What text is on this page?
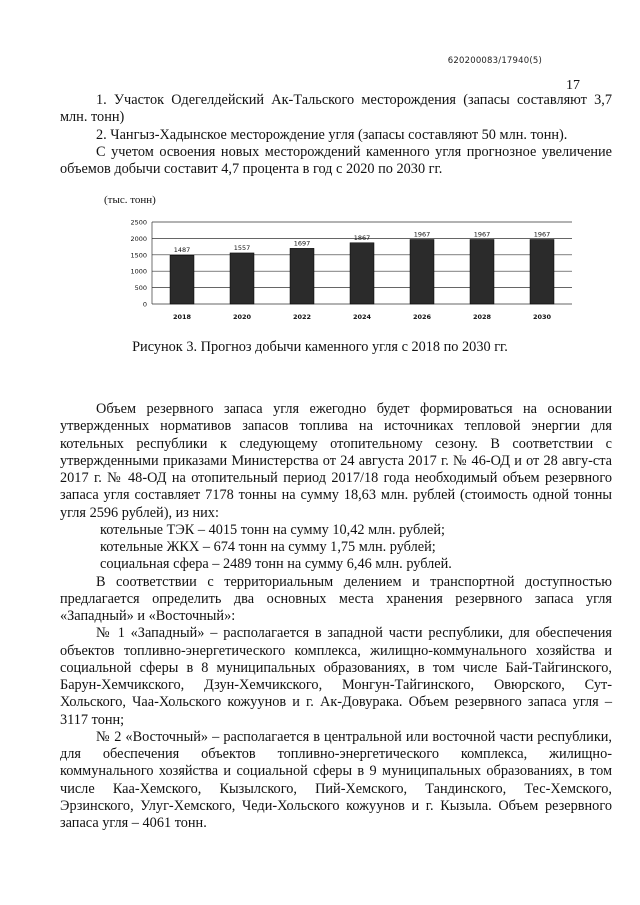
620200083/17940(5)
17

1. Участок Одегелдейский Ак-Тальского месторождения (запасы составляют 3,7 млн. тонн)

2. Чангыз-Хадынское месторождение угля (запасы составляют 50 млн. тонн).

С учетом освоения новых месторождений каменного угля прогнозное увеличение объемов добычи составит 4,7 процента в год с 2020 по 2030 гг.

(тыс. тонн)
1487	1557
1697
1867	1967	1967	1967
0
500
1000
1500
2000
2500
2018	2020	2022	2024	2026	2028	2030
Рисунок 3. Прогноз добычи каменного угля с 2018 по 2030 гг.

Объем резервного запаса угля ежегодно будет формироваться на основании утвержденных нормативов запасов топлива на источниках тепловой энергии для котельных республики к следующему отопительному сезону. В соответствии с утвержденными приказами Министерства от 24 августа 2017 г. № 46-ОД и от 28 авгу-ста 2017 г. № 48-ОД на отопительный период 2017/18 года необходимый объем резервного запаса угля составляет 7178 тонны на сумму 18,63 млн. рублей (стоимость одной тонны угля 2596 рублей), из них:

котельные ТЭК – 4015 тонн на сумму 10,42 млн. рублей;

котельные ЖКХ – 674 тонн на сумму 1,75 млн. рублей;

социальная сфера – 2489 тонн на сумму 6,46 млн. рублей.

В соответствии с территориальным делением и транспортной доступностью предлагается определить два основных места хранения резервного запаса угля «Западный» и «Восточный»:

№ 1 «Западный» – располагается в западной части республики, для обеспечения объектов топливно-энергетического комплекса, жилищно-коммунального хозяйства и социальной сферы в 8 муниципальных образованиях, в том числе Бай-Тайгинского, Барун-Хемчикского, Дзун-Хемчикского, Монгун-Тайгинского, Овюрского, Сут-Хольского, Чаа-Хольского кожуунов и г. Ак-Довурака. Объем резервного запаса угля – 3117 тонн;

№ 2 «Восточный» – располагается в центральной или восточной части республики, для обеспечения объектов топливно-энергетического комплекса, жилищно-коммунального хозяйства и социальной сферы в 9 муниципальных образованиях, в том числе Каа-Хемского, Кызылского, Пий-Хемского, Тандинского, Тес-Хемского, Эрзинского, Улуг-Хемского, Чеди-Хольского кожуунов и г. Кызыла. Объем резервного запаса угля – 4061 тонн.
